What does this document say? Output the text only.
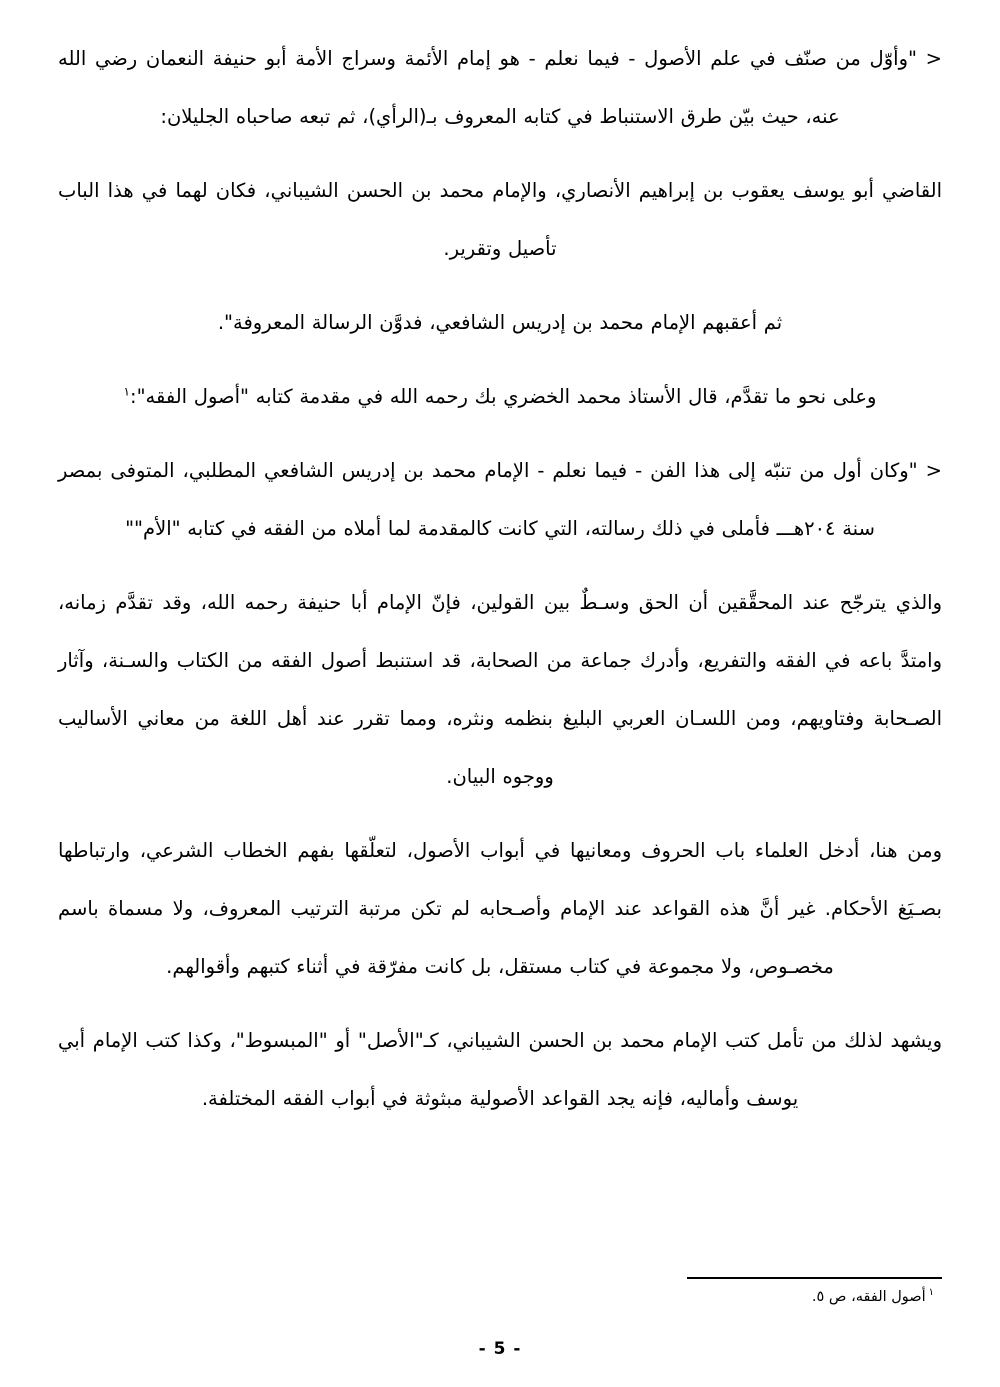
< "وأوّل من صنّف في علم الأصول - فيما نعلم - هو إمام الأئمة وسراج الأمة أبو حنيفة النعمان رضي الله عنه، حيث بيّن طرق الاستنباط في كتابه المعروف بـ(الرأي)، ثم تبعه صاحباه الجليلان:

القاضي أبو يوسف يعقوب بن إبراهيم الأنصاري، والإمام محمد بن الحسن الشيباني، فكان لهما في هذا الباب تأصيل وتقرير.

ثم أعقبهم الإمام محمد بن إدريس الشافعي، فدوَّن الرسالة المعروفة".

وعلى نحو ما تقدَّم، قال الأستاذ محمد الخضري بك رحمه الله في مقدمة كتابه "أصول الفقه":$^١$

< "وكان أول من تنبّه إلى هذا الفن - فيما نعلم - الإمام محمد بن إدريس الشافعي المطلبي، المتوفى بمصر سنة ٢٠٤هـــ فأملى في ذلك رسالته، التي كانت كالمقدمة لما أملاه من الفقه في كتابه "الأم""

والذي يترجّح عند المحقَّقين أن الحق وسـطٌ بين القولين، فإنّ الإمام أبا حنيفة رحمه الله، وقد تقدَّم زمانه، وامتدَّ باعه في الفقه والتفريع، وأدرك جماعة من الصحابة، قد استنبط أصول الفقه من الكتاب والسـنة، وآثار الصـحابة وفتاويهم، ومن اللسـان العربي البليغ بنظمه ونثره، ومما تقرر عند أهل اللغة من معاني الأساليب ووجوه البيان.

ومن هنا، أدخل العلماء باب الحروف ومعانيها في أبواب الأصول، لتعلّقها بفهم الخطاب الشرعي، وارتباطها بصـيَغ الأحكام. غير أنَّ هذه القواعد عند الإمام وأصـحابه لم تكن مرتبة الترتيب المعروف، ولا مسماة باسم مخصـوص، ولا مجموعة في كتاب مستقل، بل كانت مفرّقة في أثناء كتبهم وأقوالهم.

ويشهد لذلك من تأمل كتب الإمام محمد بن الحسن الشيباني، كـ"الأصل" أو "المبسوط"، وكذا كتب الإمام أبي يوسف وأماليه، فإنه يجد القواعد الأصولية مبثوثة في أبواب الفقه المختلفة.

$^١$أصول الفقه، ص ٥.

- 5 -
